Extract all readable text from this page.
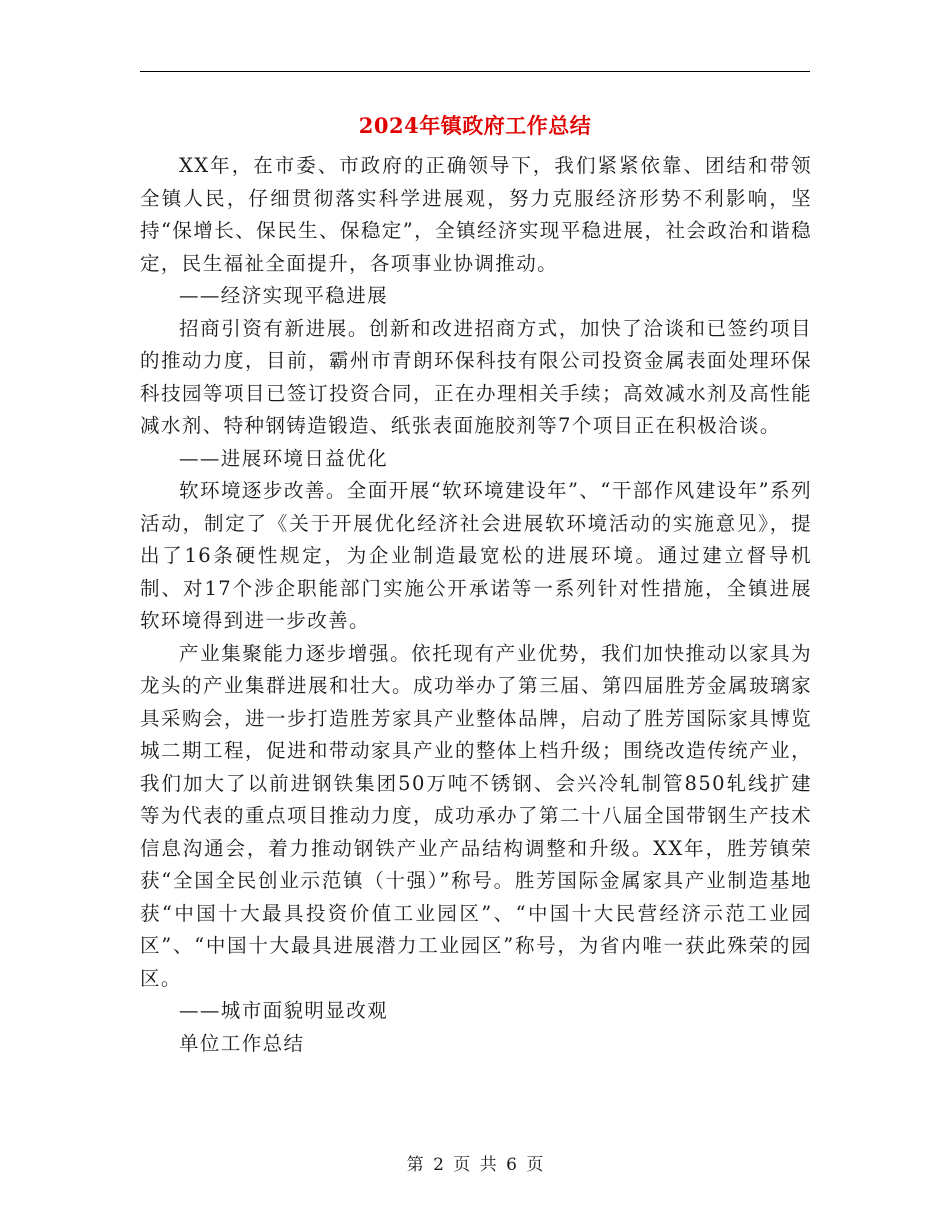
2024年镇政府工作总结

XX年，在市委、市政府的正确领导下，我们紧紧依靠、团结和带领全镇人民，仔细贯彻落实科学进展观，努力克服经济形势不利影响，坚持“保增长、保民生、保稳定”，全镇经济实现平稳进展，社会政治和谐稳定，民生福祉全面提升，各项事业协调推动。

——经济实现平稳进展

招商引资有新进展。创新和改进招商方式，加快了洽谈和已签约项目的推动力度，目前，霸州市青朗环保科技有限公司投资金属表面处理环保科技园等项目已签订投资合同，正在办理相关手续；高效减水剂及高性能减水剂、特种钢铸造锻造、纸张表面施胶剂等7个项目正在积极洽谈。

——进展环境日益优化

软环境逐步改善。全面开展“软环境建设年”、“干部作风建设年”系列活动，制定了《关于开展优化经济社会进展软环境活动的实施意见》，提出了16条硬性规定，为企业制造最宽松的进展环境。通过建立督导机制、对17个涉企职能部门实施公开承诺等一系列针对性措施，全镇进展软环境得到进一步改善。

产业集聚能力逐步增强。依托现有产业优势，我们加快推动以家具为龙头的产业集群进展和壮大。成功举办了第三届、第四届胜芳金属玻璃家具采购会，进一步打造胜芳家具产业整体品牌，启动了胜芳国际家具博览城二期工程，促进和带动家具产业的整体上档升级；围绕改造传统产业，我们加大了以前进钢铁集团50万吨不锈钢、会兴冷轧制管850轧线扩建等为代表的重点项目推动力度，成功承办了第二十八届全国带钢生产技术信息沟通会，着力推动钢铁产业产品结构调整和升级。XX年，胜芳镇荣获“全国全民创业示范镇（十强）”称号。胜芳国际金属家具产业制造基地获“中国十大最具投资价值工业园区”、“中国十大民营经济示范工业园区”、“中国十大最具进展潜力工业园区”称号，为省内唯一获此殊荣的园区。

——城市面貌明显改观

单位工作总结

第 2 页 共 6 页
